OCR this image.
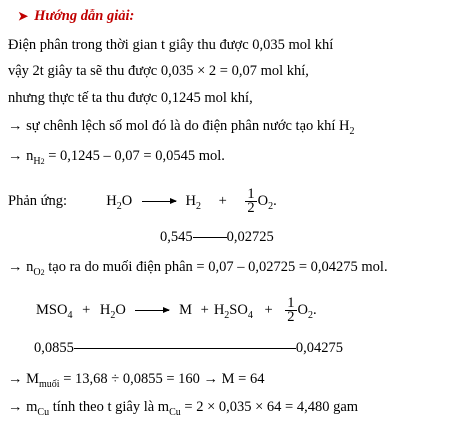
➤ Hướng dẫn giải:
Điện phân trong thời gian t giây thu được 0,035 mol khí
vậy 2t giây ta sẽ thu được 0,035 × 2 = 0,07 mol khí,
nhưng thực tế ta thu được 0,1245 mol khí,
→ sự chênh lệch số mol đó là do điện phân nước tạo khí $H_2$
→ $n_{H2} = 0,1245 - 0,07 = 0,0545$ mol.
Phản ứng:	$H_2O \to H_2 + \frac{1}{2} O_2$.
0,545 0,02725
→ $n_{O2}$ tạo ra do muối điện phân = 0,07 – 0,02725 = 0,04275 mol.
$MSO_4 + H_2O$	$M + H_2SO_4 + \frac{1}{2} O_2$.
0,0855	0,04275
→ $M_{muối} = 13,68 \div 0,0855 = 160 \to M = 64$
→ $m_{Cu}$ tính theo t giây là $m_{Cu} = 2 \times 0,035 \times 64 = 4,480$ gam
